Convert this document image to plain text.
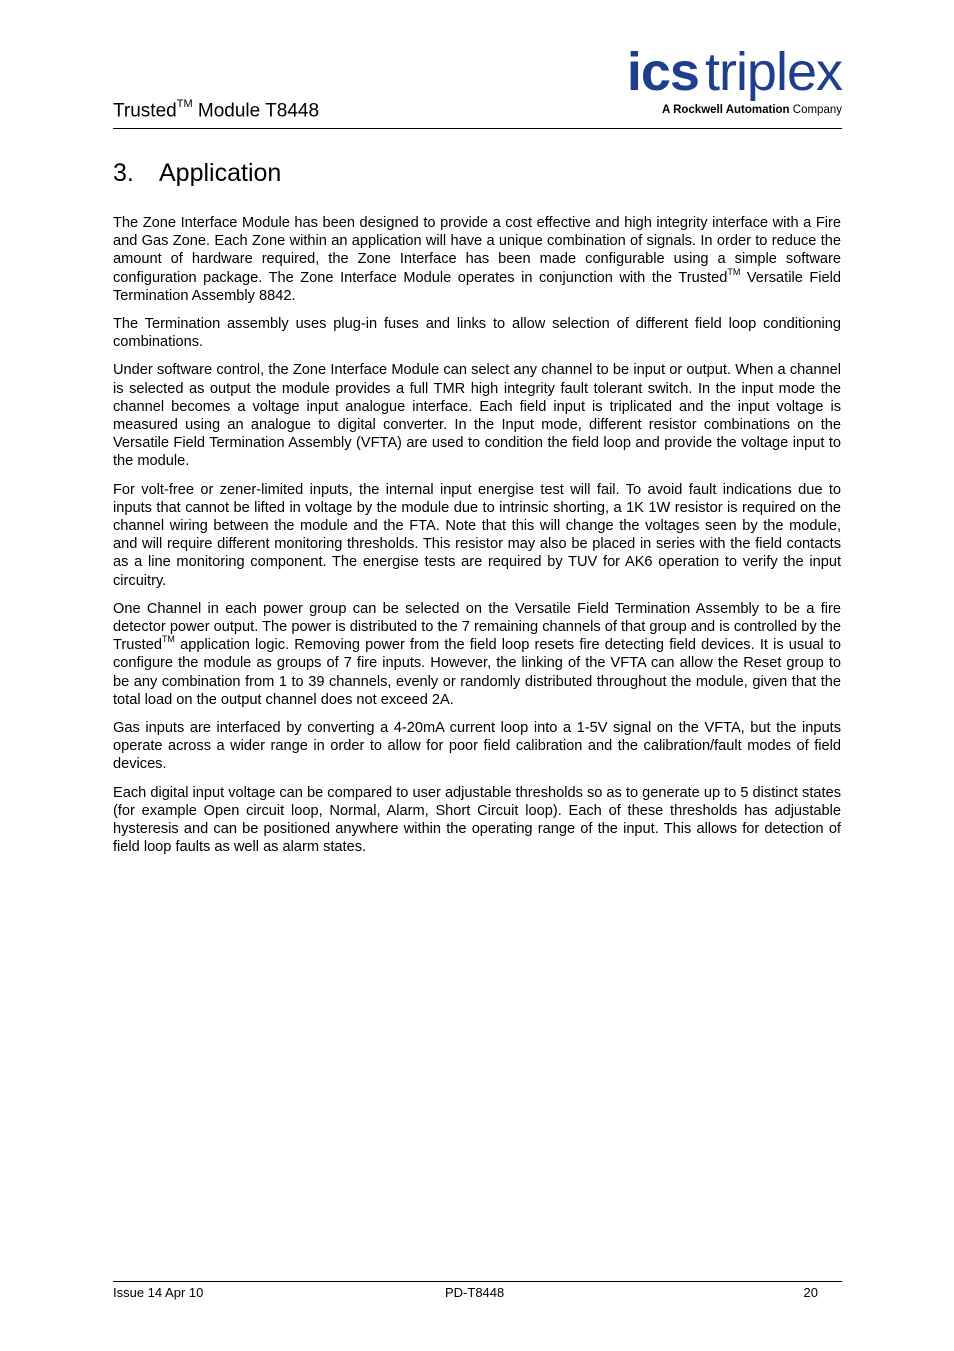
Trusted™ Module T8448
ics triplex
A Rockwell Automation Company
3. Application

The Zone Interface Module has been designed to provide a cost effective and high integrity interface with a Fire and Gas Zone. Each Zone within an application will have a unique combination of signals. In order to reduce the amount of hardware required, the Zone Interface has been made configurable using a simple software configuration package. The Zone Interface Module operates in conjunction with the Trusted™ Versatile Field Termination Assembly 8842.

The Termination assembly uses plug-in fuses and links to allow selection of different field loop conditioning combinations.

Under software control, the Zone Interface Module can select any channel to be input or output. When a channel is selected as output the module provides a full TMR high integrity fault tolerant switch. In the input mode the channel becomes a voltage input analogue interface. Each field input is triplicated and the input voltage is measured using an analogue to digital converter. In the Input mode, different resistor combinations on the Versatile Field Termination Assembly (VFTA) are used to condition the field loop and provide the voltage input to the module.

For volt-free or zener-limited inputs, the internal input energise test will fail. To avoid fault indications due to inputs that cannot be lifted in voltage by the module due to intrinsic shorting, a 1K 1W resistor is required on the channel wiring between the module and the FTA. Note that this will change the voltages seen by the module, and will require different monitoring thresholds. This resistor may also be placed in series with the field contacts as a line monitoring component. The energise tests are required by TUV for AK6 operation to verify the input circuitry.

One Channel in each power group can be selected on the Versatile Field Termination Assembly to be a fire detector power output. The power is distributed to the 7 remaining channels of that group and is controlled by the Trusted™ application logic. Removing power from the field loop resets fire detecting field devices. It is usual to configure the module as groups of 7 fire inputs. However, the linking of the VFTA can allow the Reset group to be any combination from 1 to 39 channels, evenly or randomly distributed throughout the module, given that the total load on the output channel does not exceed 2A.

Gas inputs are interfaced by converting a 4-20mA current loop into a 1-5V signal on the VFTA, but the inputs operate across a wider range in order to allow for poor field calibration and the calibration/fault modes of field devices.

Each digital input voltage can be compared to user adjustable thresholds so as to generate up to 5 distinct states (for example Open circuit loop, Normal, Alarm, Short Circuit loop). Each of these thresholds has adjustable hysteresis and can be positioned anywhere within the operating range of the input. This allows for detection of field loop faults as well as alarm states.

Issue 14 Apr 10	PD-T8448	20
